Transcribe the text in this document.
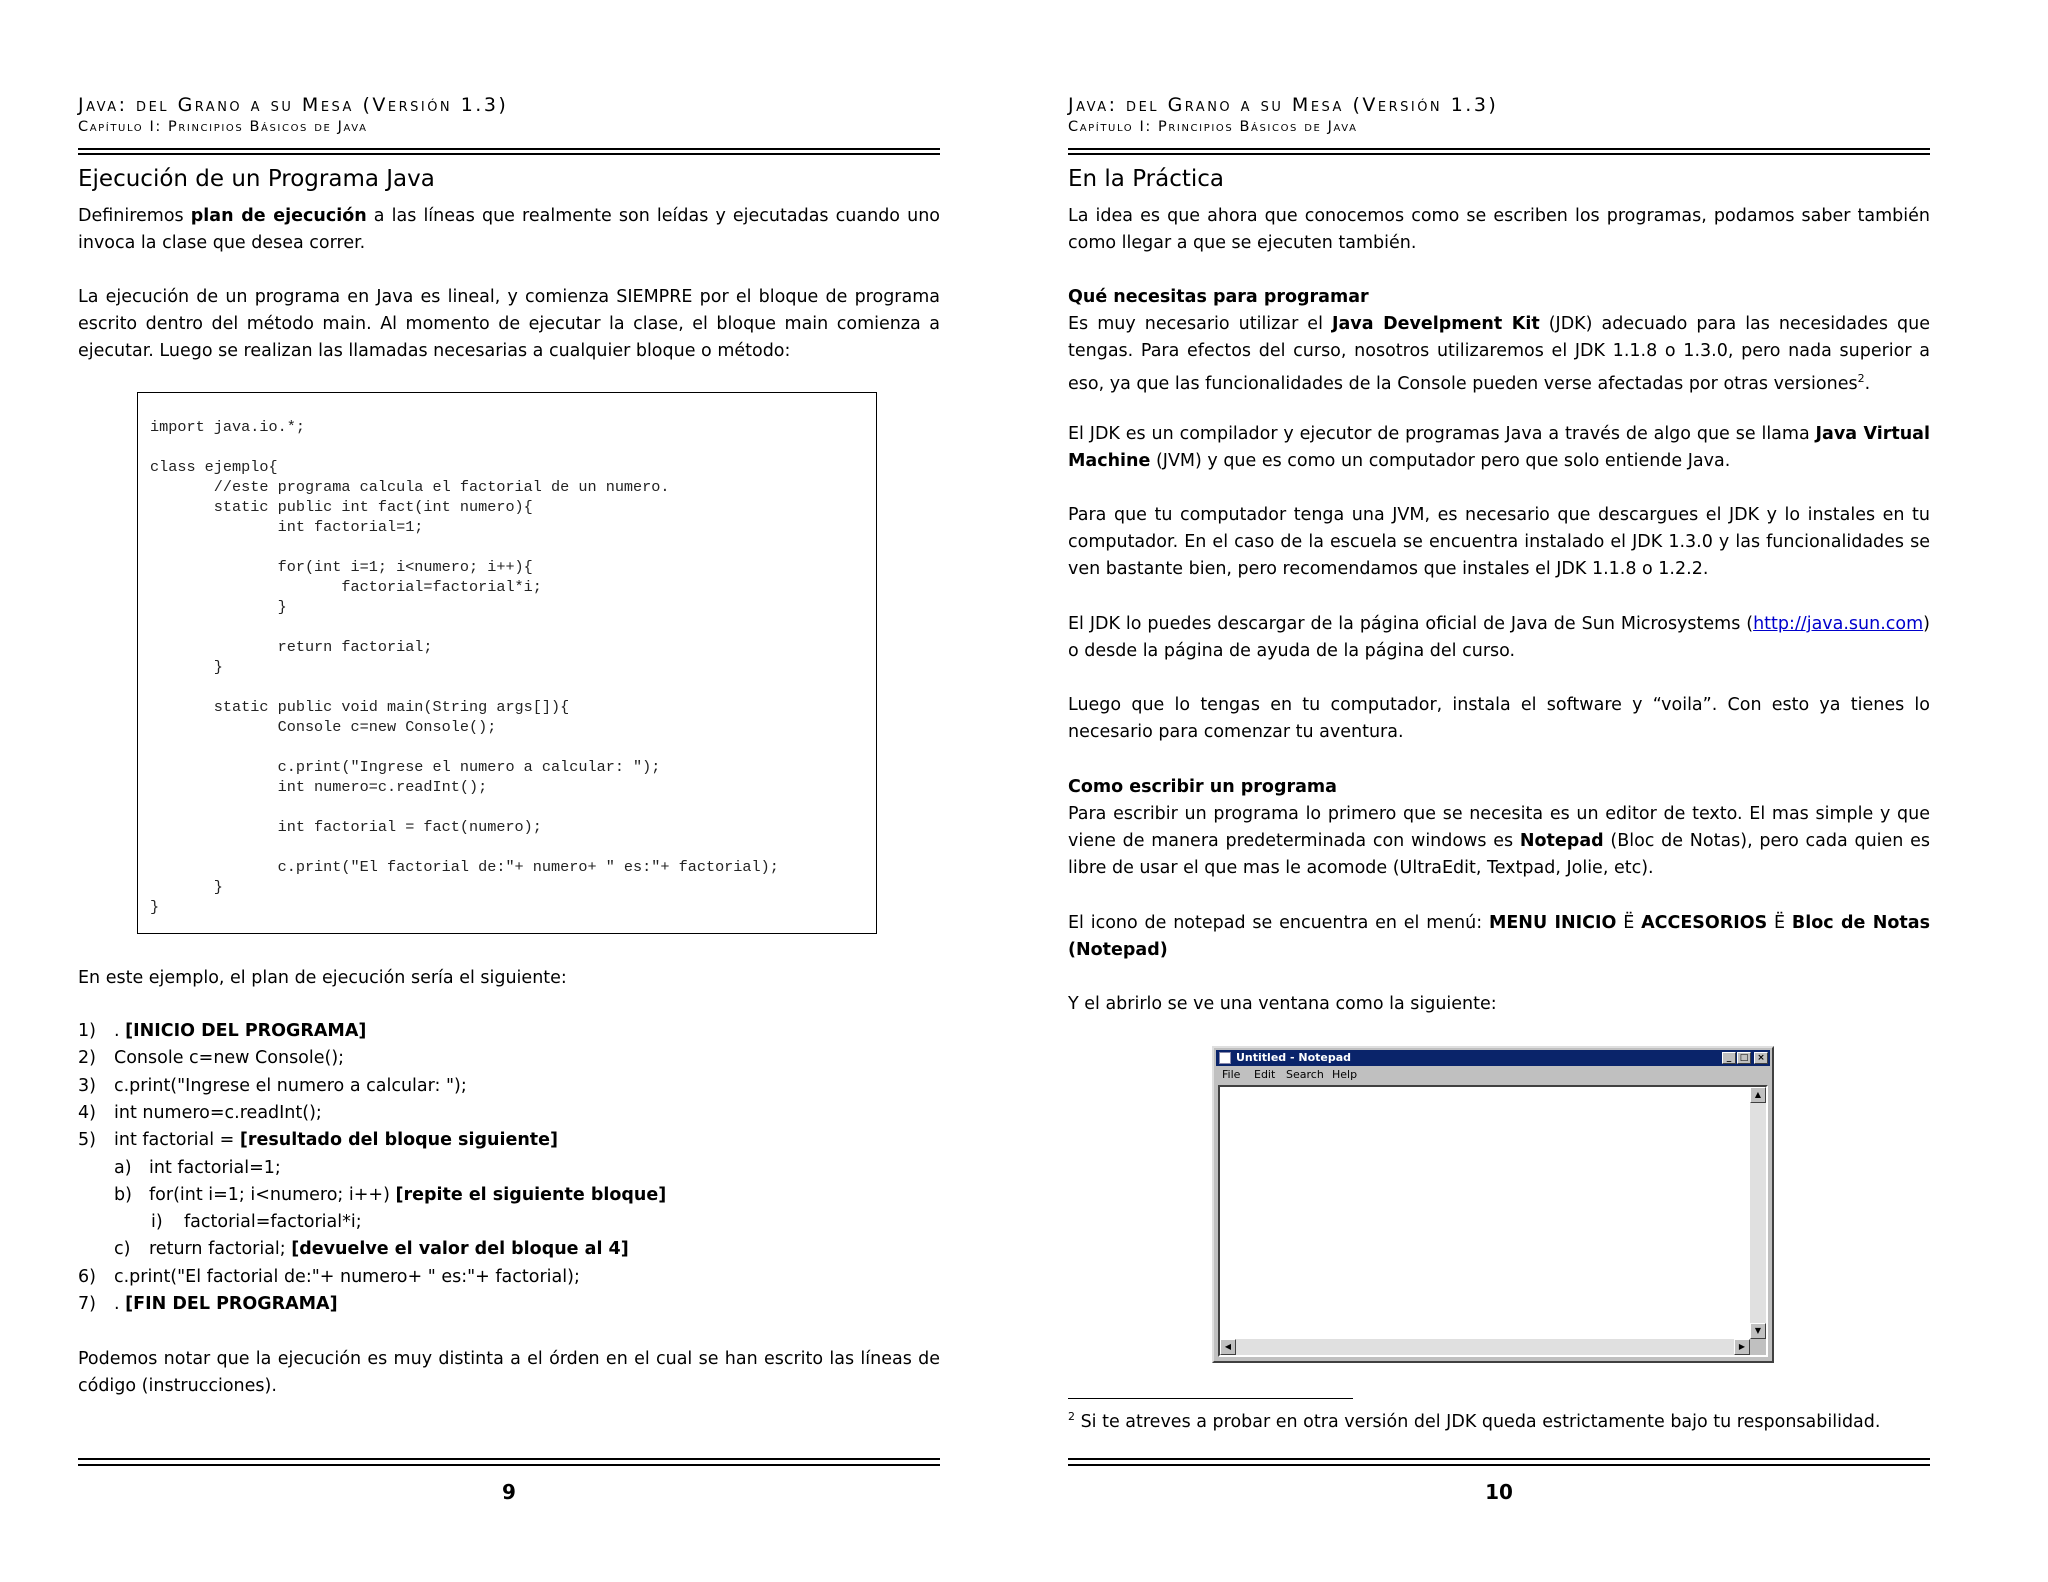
Java: del Grano a su Mesa (Versión 1.3)
Capítulo I: Principios Básicos de Java
Ejecución de un Programa Java
Definiremos plan de ejecución a las líneas que realmente son leídas y ejecutadas cuando uno invoca la clase que desea correr.
La ejecución de un programa en Java es lineal, y comienza SIEMPRE por el bloque de programa escrito dentro del método main. Al momento de ejecutar la clase, el bloque main comienza a ejecutar. Luego se realizan las llamadas necesarias a cualquier bloque o método:
import java.io.*;

class ejemplo{
//este programa calcula el factorial de un numero.
static public int fact(int numero){
int factorial=1;

for(int i=1; i<numero; i++){
factorial=factorial*i;
}

return factorial;
}

static public void main(String args[]){
Console c=new Console();

c.print("Ingrese el numero a calcular: ");
int numero=c.readInt();

int factorial = fact(numero);

c.print("El factorial de:"+ numero+ " es:"+ factorial);
}
}
En este ejemplo, el plan de ejecución sería el siguiente:
1) . [INICIO DEL PROGRAMA]
2) Console c=new Console();
3) c.print("Ingrese el numero a calcular: ");
4) int numero=c.readInt();
5) int factorial = [resultado del bloque siguiente]
a) int factorial=1;
b) for(int i=1; i<numero; i++) [repite el siguiente bloque]
i) factorial=factorial*i;
c) return factorial; [devuelve el valor del bloque al 4]
6) c.print("El factorial de:"+ numero+ " es:"+ factorial);
7) . [FIN DEL PROGRAMA]
Podemos notar que la ejecución es muy distinta a el órden en el cual se han escrito las líneas de código (instrucciones).
9
Java: del Grano a su Mesa (Versión 1.3)
Capítulo I: Principios Básicos de Java
En la Práctica
La idea es que ahora que conocemos como se escriben los programas, podamos saber también como llegar a que se ejecuten también.
Qué necesitas para programar
Es muy necesario utilizar el Java Develpment Kit (JDK) adecuado para las necesidades que tengas. Para efectos del curso, nosotros utilizaremos el JDK 1.1.8 o 1.3.0, pero nada superior a eso, ya que las funcionalidades de la Console pueden verse afectadas por otras versiones$^2$.
El JDK es un compilador y ejecutor de programas Java a través de algo que se llama Java Virtual Machine (JVM) y que es como un computador pero que solo entiende Java.
Para que tu computador tenga una JVM, es necesario que descargues el JDK y lo instales en tu computador. En el caso de la escuela se encuentra instalado el JDK 1.3.0 y las funcionalidades se ven bastante bien, pero recomendamos que instales el JDK 1.1.8 o 1.2.2.
El JDK lo puedes descargar de la página oficial de Java de Sun Microsystems (http://java.sun.com) o desde la página de ayuda de la página del curso.
Luego que lo tengas en tu computador, instala el software y “voila”. Con esto ya tienes lo necesario para comenzar tu aventura.
Como escribir un programa
Para escribir un programa lo primero que se necesita es un editor de texto. El mas simple y que viene de manera predeterminada con windows es Notepad (Bloc de Notas), pero cada quien es libre de usar el que mas le acomode (UltraEdit, Textpad, Jolie, etc).
El icono de notepad se encuentra en el menú: MENU INICIO Ë ACCESORIOS Ë Bloc de Notas (Notepad)
Y el abrirlo se ve una ventana como la siguiente:
Untitled - Notepad	_ □ ×
File Edit Search Help
▲
▼
◀	▶
$^2$ Si te atreves a probar en otra versión del JDK queda estrictamente bajo tu responsabilidad.
10
